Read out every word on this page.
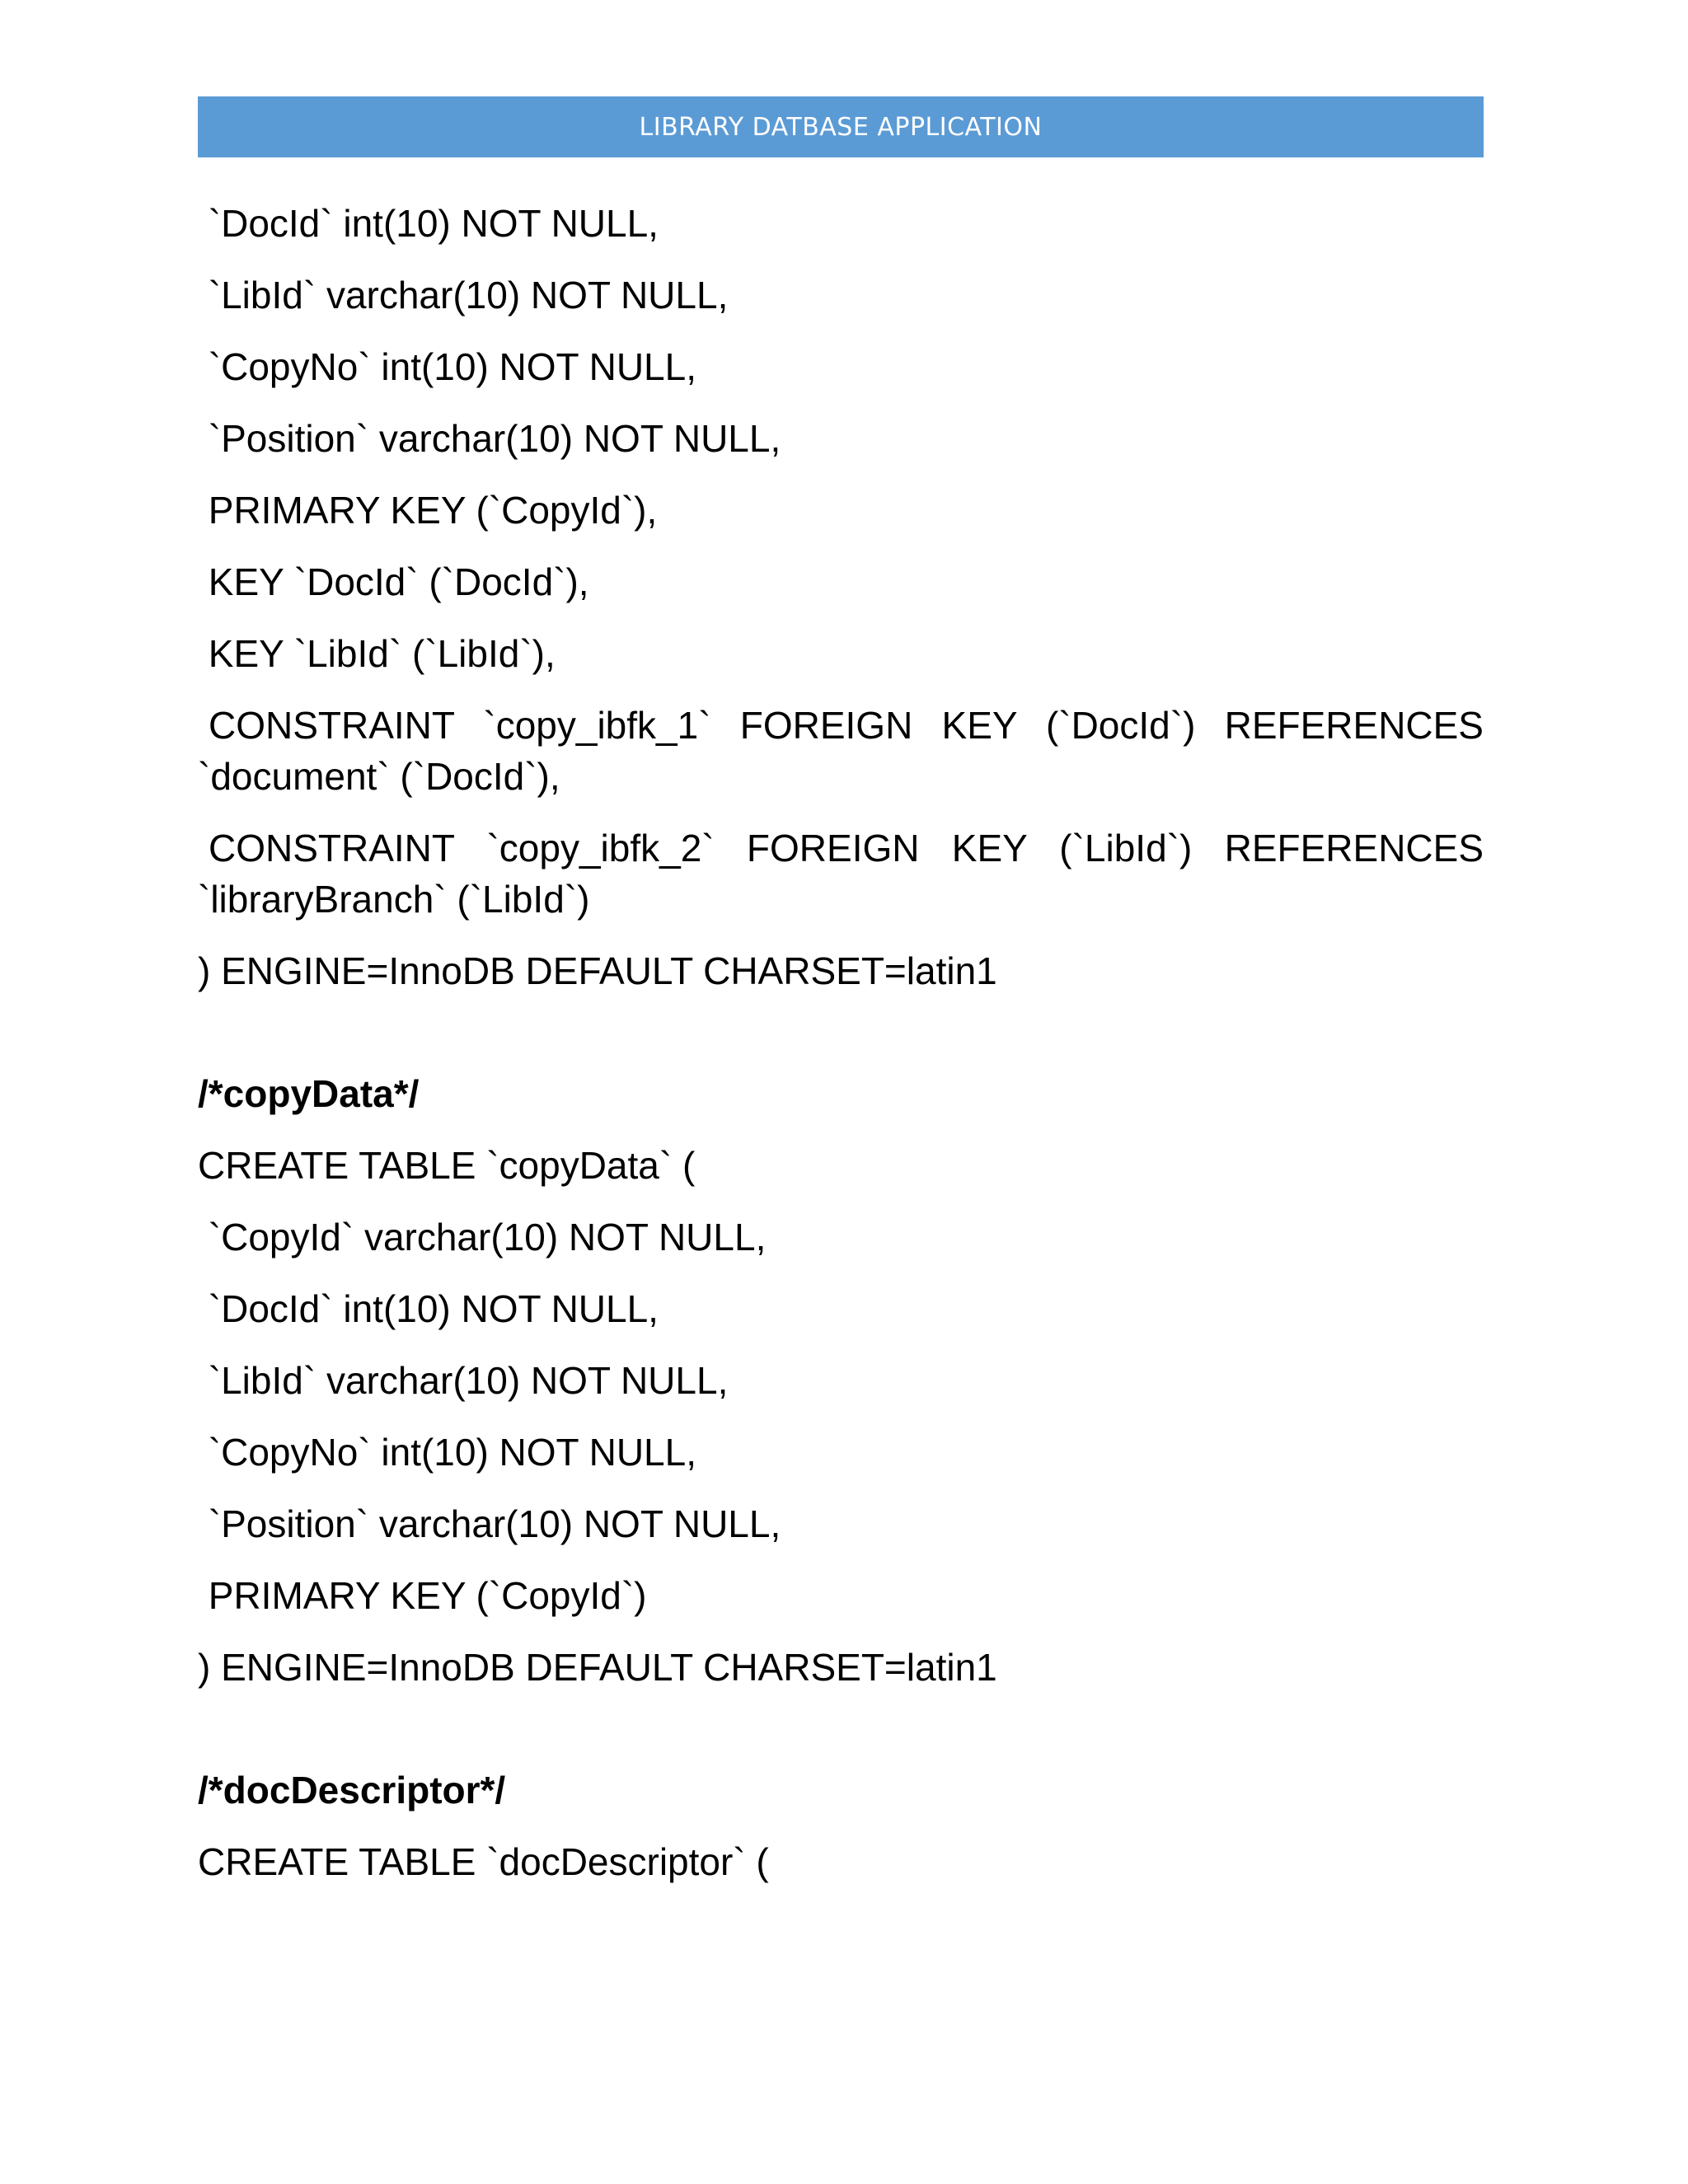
LIBRARY DATBASE APPLICATION
`DocId` int(10) NOT NULL,
`LibId` varchar(10) NOT NULL,
`CopyNo` int(10) NOT NULL,
`Position` varchar(10) NOT NULL,
PRIMARY KEY (`CopyId`),
KEY `DocId` (`DocId`),
KEY `LibId` (`LibId`),
CONSTRAINT `copy_ibfk_1` FOREIGN KEY (`DocId`) REFERENCES
`document` (`DocId`),
CONSTRAINT `copy_ibfk_2` FOREIGN KEY (`LibId`) REFERENCES
`libraryBranch` (`LibId`)
) ENGINE=InnoDB DEFAULT CHARSET=latin1
/*copyData*/
CREATE TABLE `copyData` (
`CopyId` varchar(10) NOT NULL,
`DocId` int(10) NOT NULL,
`LibId` varchar(10) NOT NULL,
`CopyNo` int(10) NOT NULL,
`Position` varchar(10) NOT NULL,
PRIMARY KEY (`CopyId`)
) ENGINE=InnoDB DEFAULT CHARSET=latin1
/*docDescriptor*/
CREATE TABLE `docDescriptor` (
